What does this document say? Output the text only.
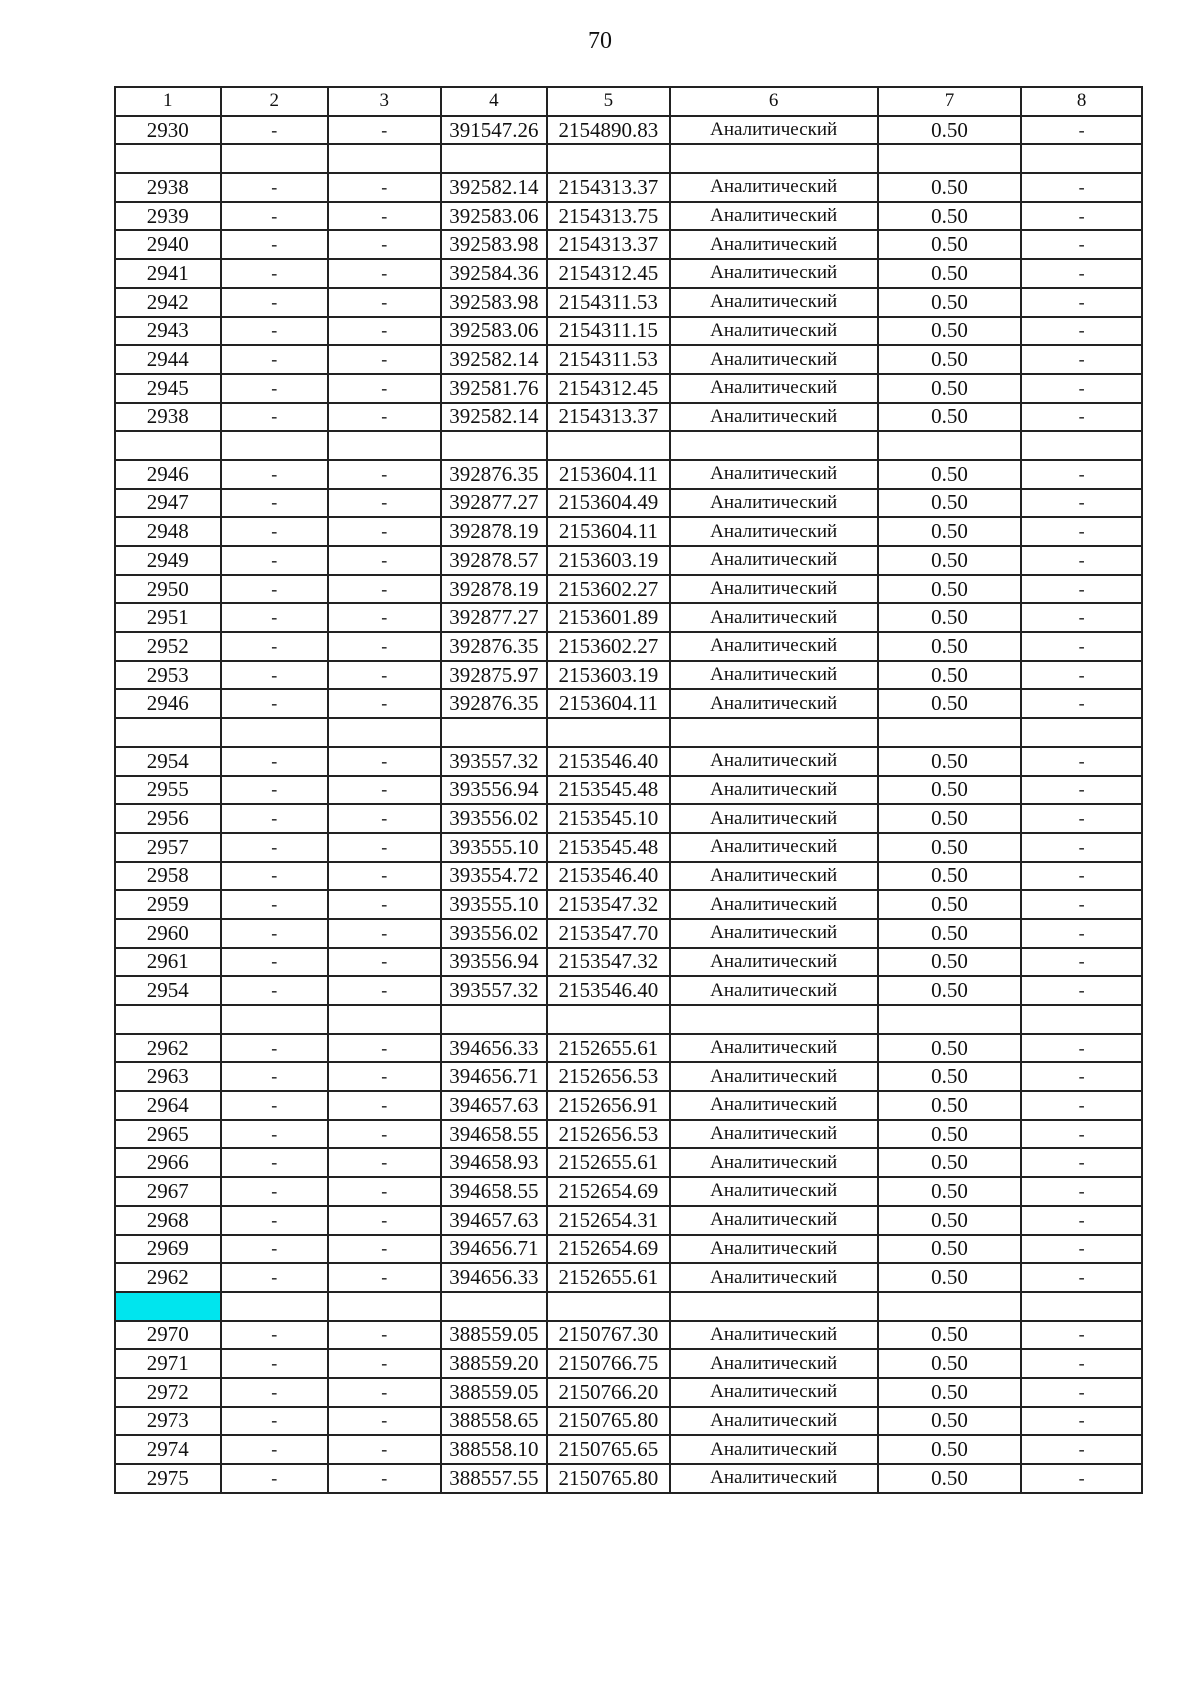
70
1	2	3	4	5	6	7	8
2930	-	-	391547.26	2154890.83	Аналитический	0.50	-

2938	-	-	392582.14	2154313.37	Аналитический	0.50	-
2939	-	-	392583.06	2154313.75	Аналитический	0.50	-
2940	-	-	392583.98	2154313.37	Аналитический	0.50	-
2941	-	-	392584.36	2154312.45	Аналитический	0.50	-
2942	-	-	392583.98	2154311.53	Аналитический	0.50	-
2943	-	-	392583.06	2154311.15	Аналитический	0.50	-
2944	-	-	392582.14	2154311.53	Аналитический	0.50	-
2945	-	-	392581.76	2154312.45	Аналитический	0.50	-
2938	-	-	392582.14	2154313.37	Аналитический	0.50	-

2946	-	-	392876.35	2153604.11	Аналитический	0.50	-
2947	-	-	392877.27	2153604.49	Аналитический	0.50	-
2948	-	-	392878.19	2153604.11	Аналитический	0.50	-
2949	-	-	392878.57	2153603.19	Аналитический	0.50	-
2950	-	-	392878.19	2153602.27	Аналитический	0.50	-
2951	-	-	392877.27	2153601.89	Аналитический	0.50	-
2952	-	-	392876.35	2153602.27	Аналитический	0.50	-
2953	-	-	392875.97	2153603.19	Аналитический	0.50	-
2946	-	-	392876.35	2153604.11	Аналитический	0.50	-

2954	-	-	393557.32	2153546.40	Аналитический	0.50	-
2955	-	-	393556.94	2153545.48	Аналитический	0.50	-
2956	-	-	393556.02	2153545.10	Аналитический	0.50	-
2957	-	-	393555.10	2153545.48	Аналитический	0.50	-
2958	-	-	393554.72	2153546.40	Аналитический	0.50	-
2959	-	-	393555.10	2153547.32	Аналитический	0.50	-
2960	-	-	393556.02	2153547.70	Аналитический	0.50	-
2961	-	-	393556.94	2153547.32	Аналитический	0.50	-
2954	-	-	393557.32	2153546.40	Аналитический	0.50	-

2962	-	-	394656.33	2152655.61	Аналитический	0.50	-
2963	-	-	394656.71	2152656.53	Аналитический	0.50	-
2964	-	-	394657.63	2152656.91	Аналитический	0.50	-
2965	-	-	394658.55	2152656.53	Аналитический	0.50	-
2966	-	-	394658.93	2152655.61	Аналитический	0.50	-
2967	-	-	394658.55	2152654.69	Аналитический	0.50	-
2968	-	-	394657.63	2152654.31	Аналитический	0.50	-
2969	-	-	394656.71	2152654.69	Аналитический	0.50	-
2962	-	-	394656.33	2152655.61	Аналитический	0.50	-

2970	-	-	388559.05	2150767.30	Аналитический	0.50	-
2971	-	-	388559.20	2150766.75	Аналитический	0.50	-
2972	-	-	388559.05	2150766.20	Аналитический	0.50	-
2973	-	-	388558.65	2150765.80	Аналитический	0.50	-
2974	-	-	388558.10	2150765.65	Аналитический	0.50	-
2975	-	-	388557.55	2150765.80	Аналитический	0.50	-
